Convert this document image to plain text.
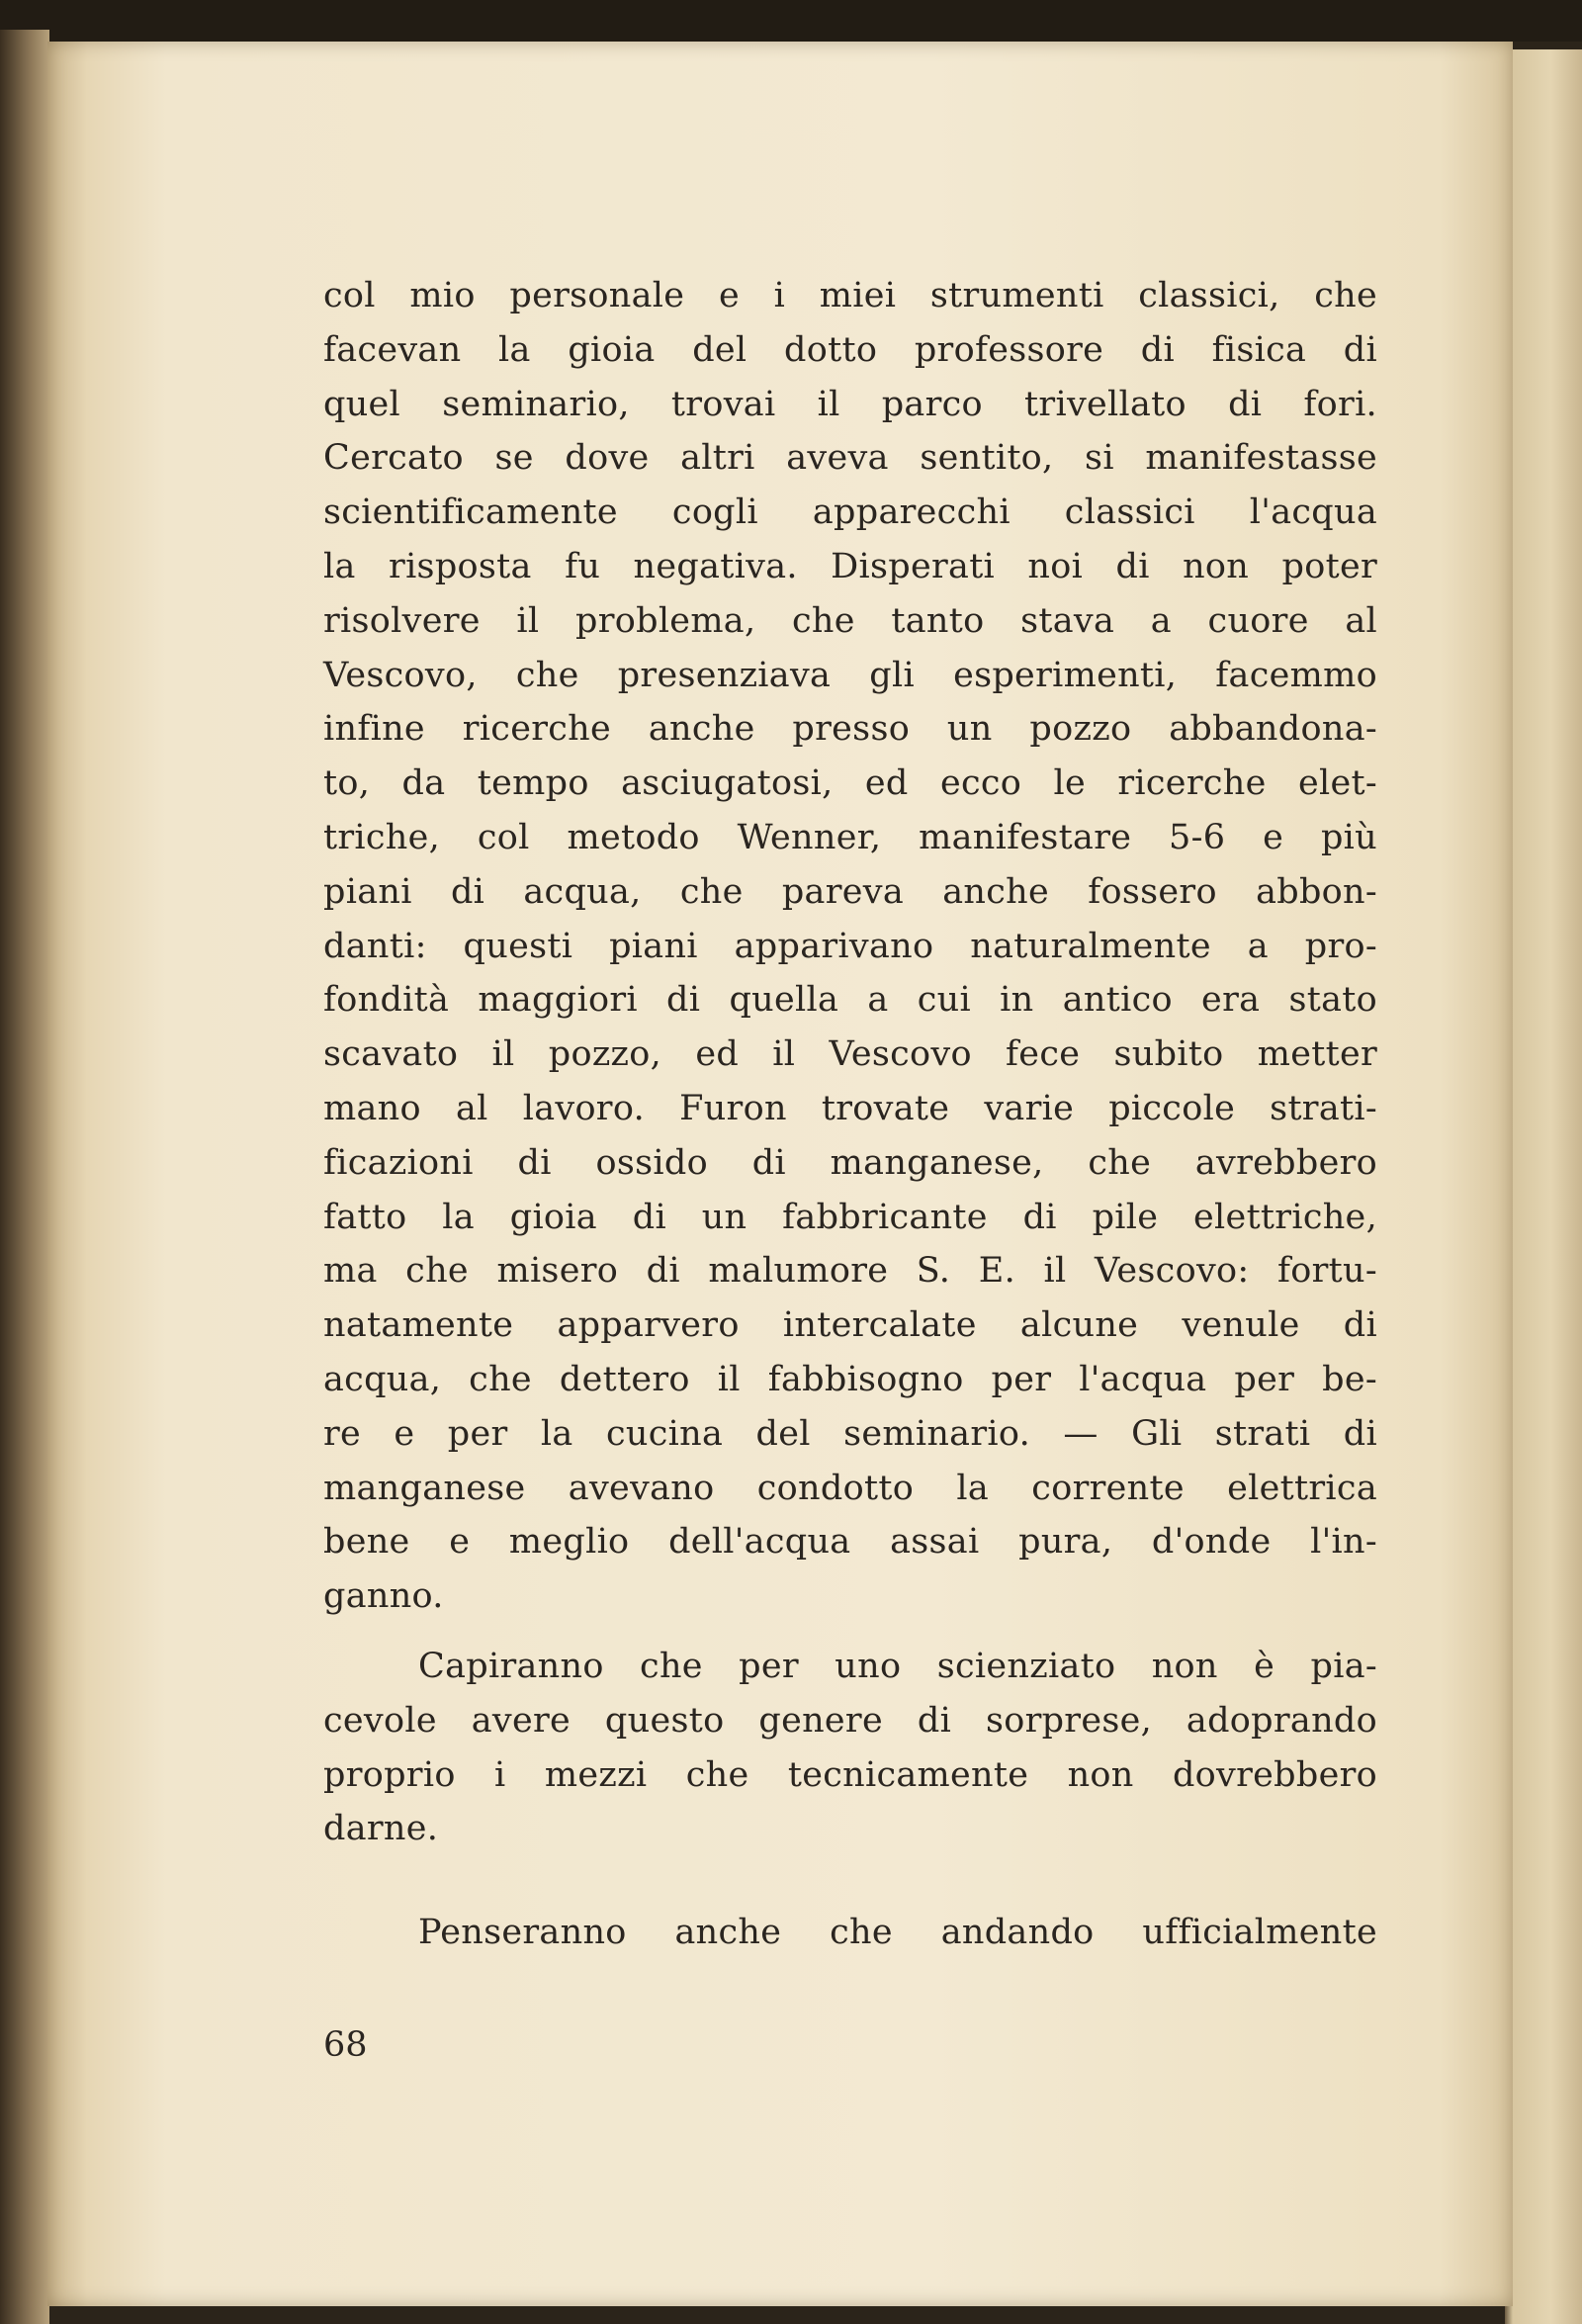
col mio personale e i miei strumenti classici, che
facevan la gioia del dotto professore di fisica di
quel seminario, trovai il parco trivellato di fori.
Cercato se dove altri aveva sentito, si manifestasse
scientificamente cogli apparecchi classici l'acqua
la risposta fu negativa. Disperati noi di non poter
risolvere il problema, che tanto stava a cuore al
Vescovo, che presenziava gli esperimenti, facemmo
infine ricerche anche presso un pozzo abbandona-
to, da tempo asciugatosi, ed ecco le ricerche elet-
triche, col metodo Wenner, manifestare 5-6 e più
piani di acqua, che pareva anche fossero abbon-
danti: questi piani apparivano naturalmente a pro-
fondità maggiori di quella a cui in antico era stato
scavato il pozzo, ed il Vescovo fece subito metter
mano al lavoro. Furon trovate varie piccole strati-
ficazioni di ossido di manganese, che avrebbero
fatto la gioia di un fabbricante di pile elettriche,
ma che misero di malumore S. E. il Vescovo: fortu-
natamente apparvero intercalate alcune venule di
acqua, che dettero il fabbisogno per l'acqua per be-
re e per la cucina del seminario. — Gli strati di
manganese avevano condotto la corrente elettrica
bene e meglio dell'acqua assai pura, d'onde l'in-
ganno.
Capiranno che per uno scienziato non è pia-
cevole avere questo genere di sorprese, adoprando
proprio i mezzi che tecnicamente non dovrebbero
darne.
Penseranno anche che andando ufficialmente
68
